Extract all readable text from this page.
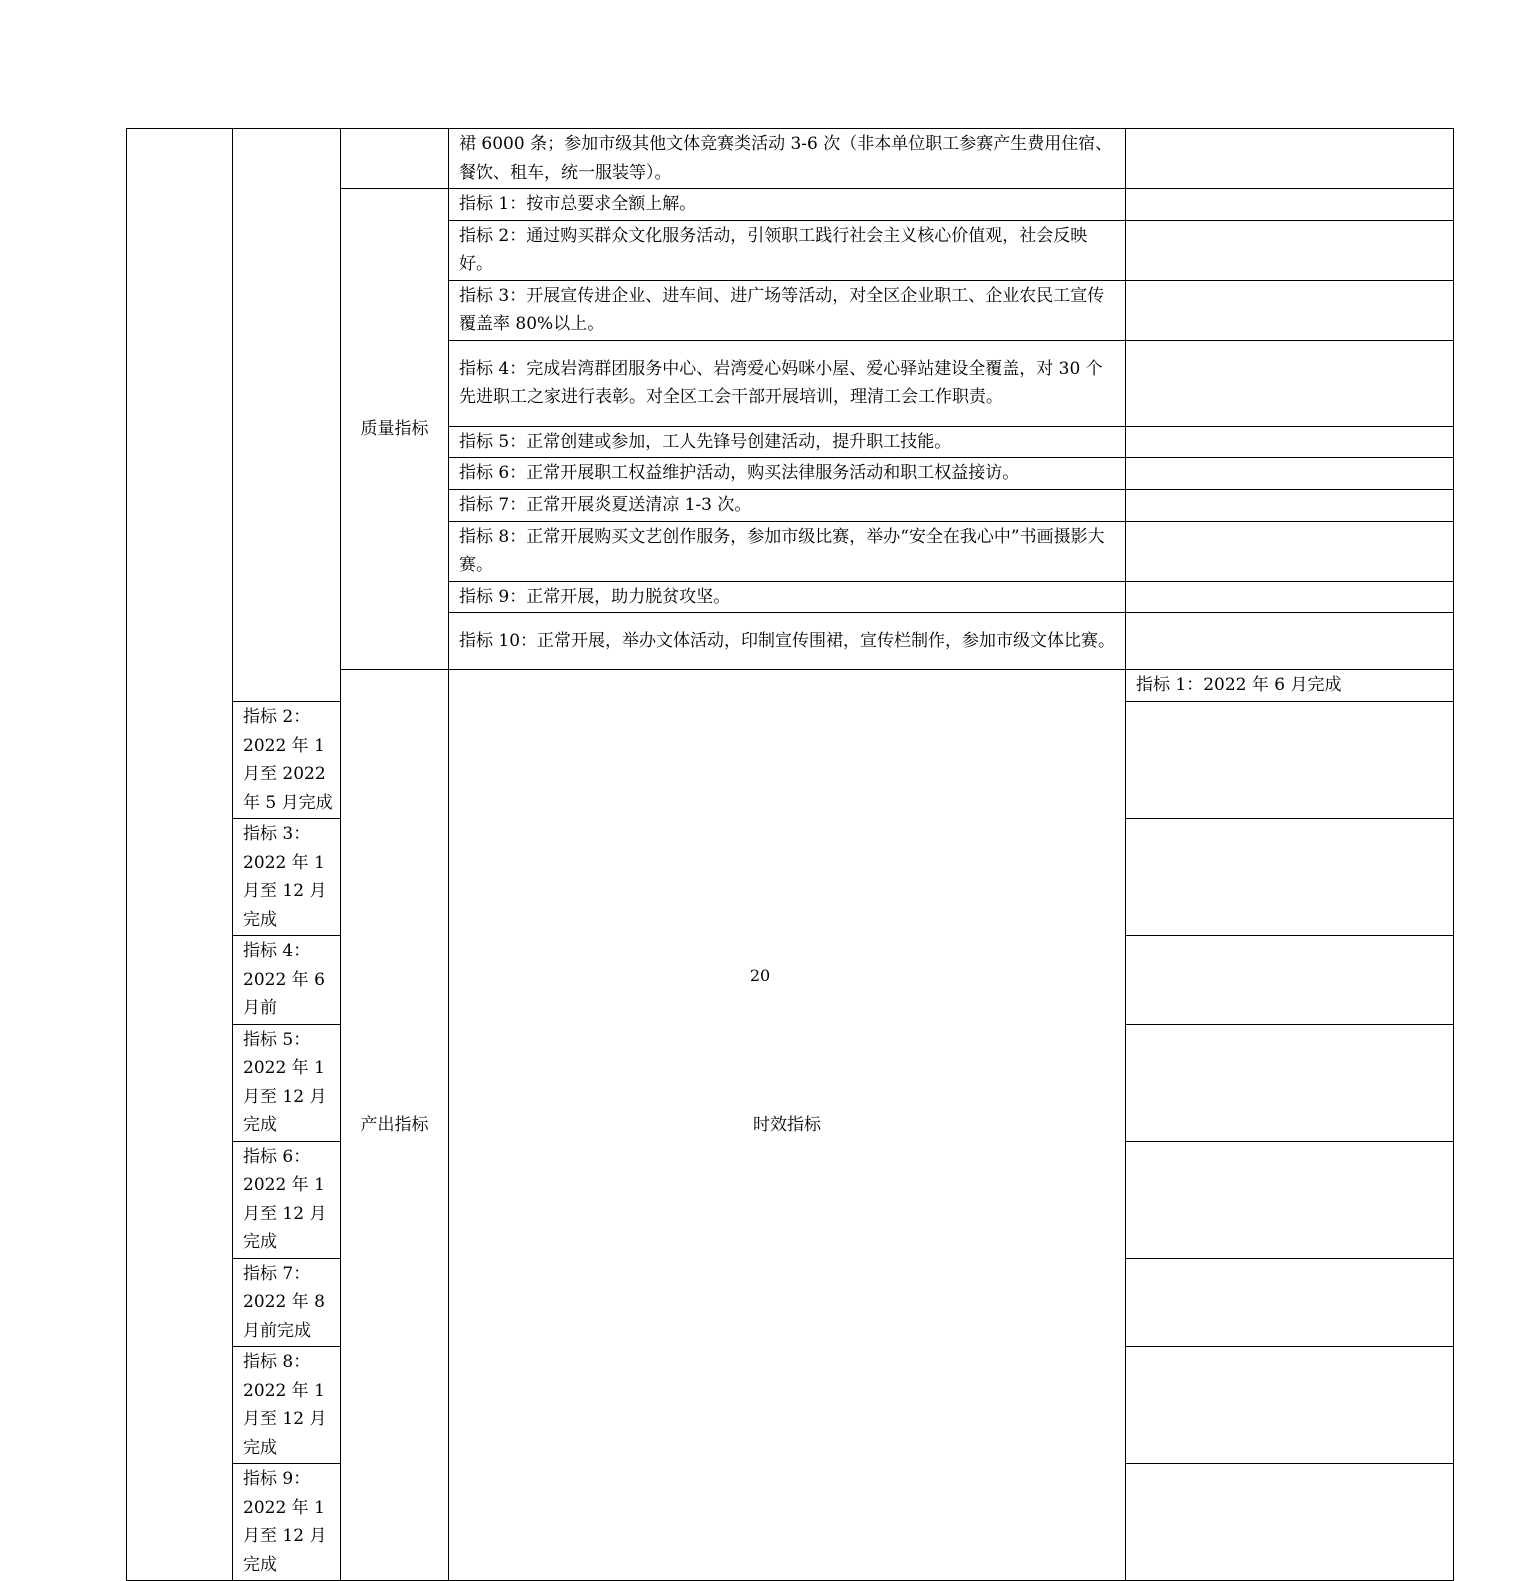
			裙 6000 条；参加市级其他文体竞赛类活动 3-6 次（非本单位职工参赛产生费用住宿、餐饮、租车，统一服装等）。		
		质量指标	指标 1：按市总要求全额上解。		
			指标 2：通过购买群众文化服务活动，引领职工践行社会主义核心价值观，社会反映好。		
			指标 3：开展宣传进企业、进车间、进广场等活动，对全区企业职工、企业农民工宣传覆盖率 80%以上。		
			指标 4：完成岩湾群团服务中心、岩湾爱心妈咪小屋、爱心驿站建设全覆盖，对 30 个先进职工之家进行表彰。对全区工会干部开展培训，理清工会工作职责。		
			指标 5：正常创建或参加，工人先锋号创建活动，提升职工技能。		
			指标 6：正常开展职工权益维护活动，购买法律服务活动和职工权益接访。		
			指标 7：正常开展炎夏送清凉 1-3 次。		
			指标 8：正常开展购买文艺创作服务，参加市级比赛，举办“安全在我心中”书画摄影大赛。		
			指标 9：正常开展，助力脱贫攻坚。		
			指标 10：正常开展，举办文体活动，印制宣传围裙，宣传栏制作，参加市级文体比赛。		
		产出指标	时效指标	指标 1：2022 年 6 月完成	
	指标 2：2022 年 1 月至 2022 年 5 月完成				
	指标 3：2022 年 1 月至 12 月完成				
	指标 4：2022 年 6 月前				
	指标 5：2022 年 1 月至 12 月完成				
	指标 6：2022 年 1 月至 12 月完成				
	指标 7：2022 年 8 月前完成				
	指标 8：2022 年 1 月至 12 月完成				
	指标 9：2022 年 1 月至 12 月完成				
20
